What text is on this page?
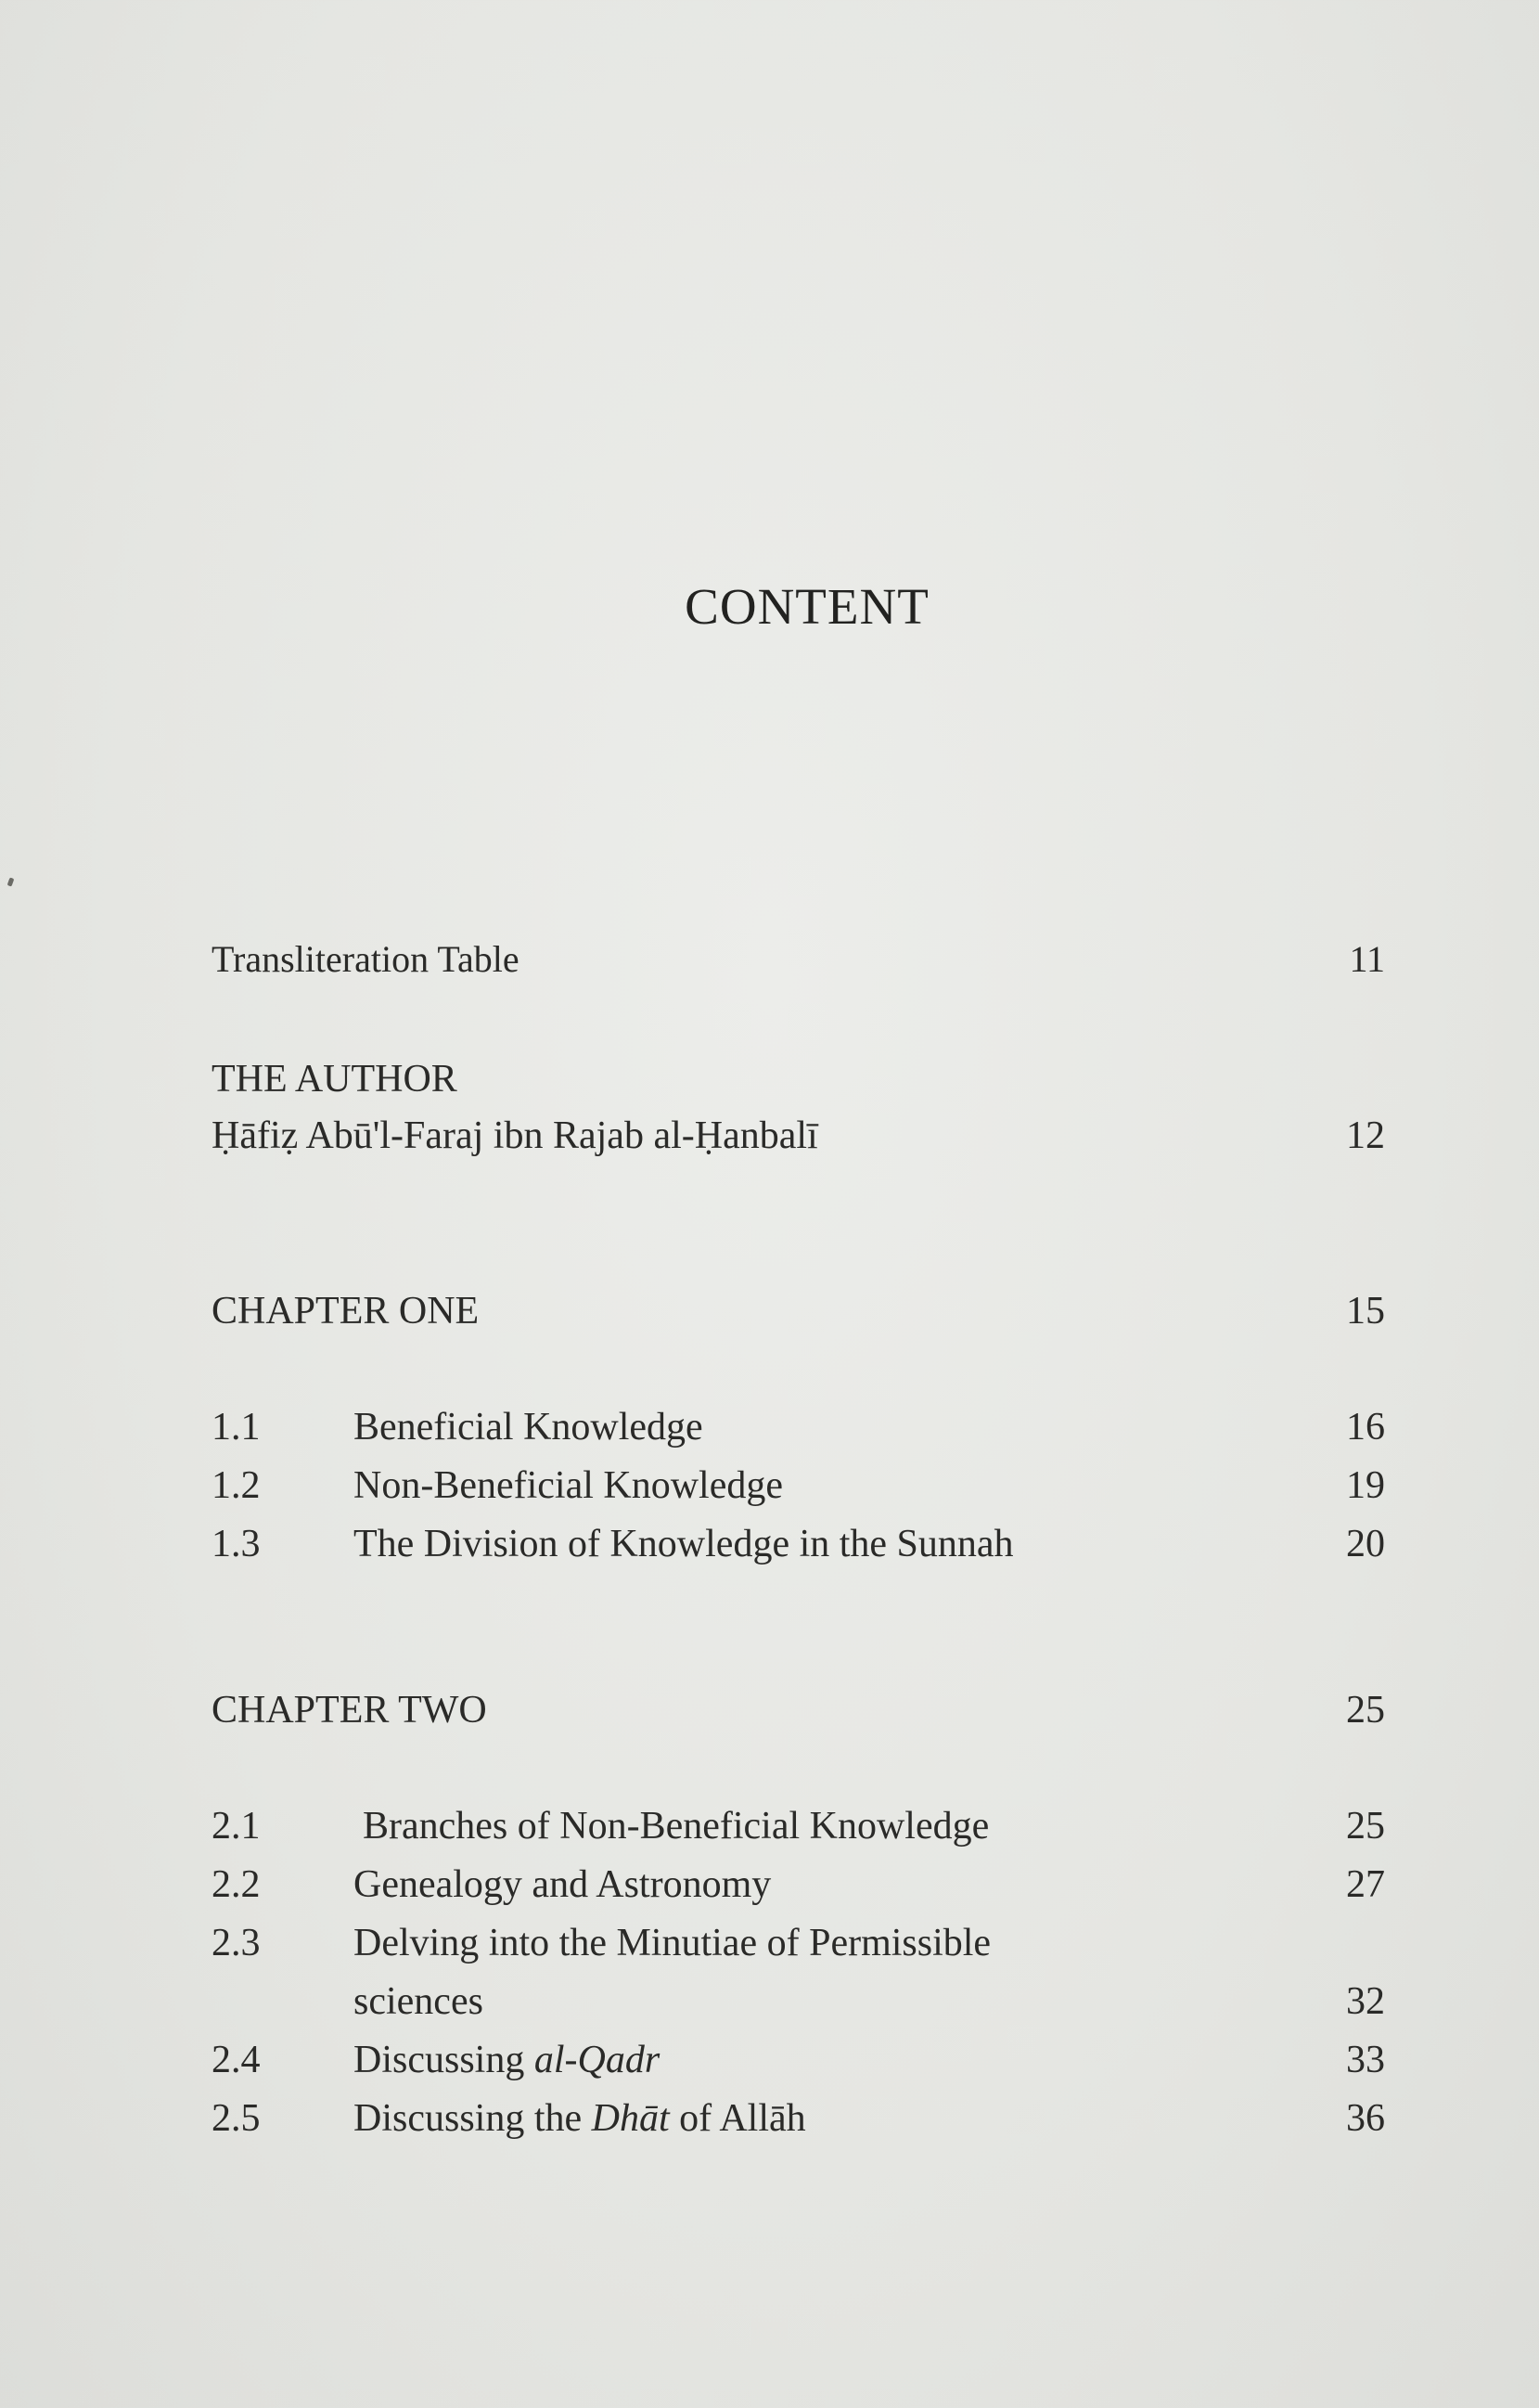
CONTENT
Transliteration Table	11
THE AUTHOR
Ḥāfiẓ Abū'l-Faraj ibn Rajab al-Ḥanbalī	12
CHAPTER ONE	15
1.1 Beneficial Knowledge	16
1.2 Non-Beneficial Knowledge	19
1.3 The Division of Knowledge in the Sunnah	20
CHAPTER TWO	25
2.1	Branches of Non-Beneficial Knowledge	25
2.2 Genealogy and Astronomy	27
2.3 Delving into the Minutiae of Permissible
sciences	32
2.4 Discussing al-Qadr	33
2.5 Discussing the Dhāt of Allāh	36
